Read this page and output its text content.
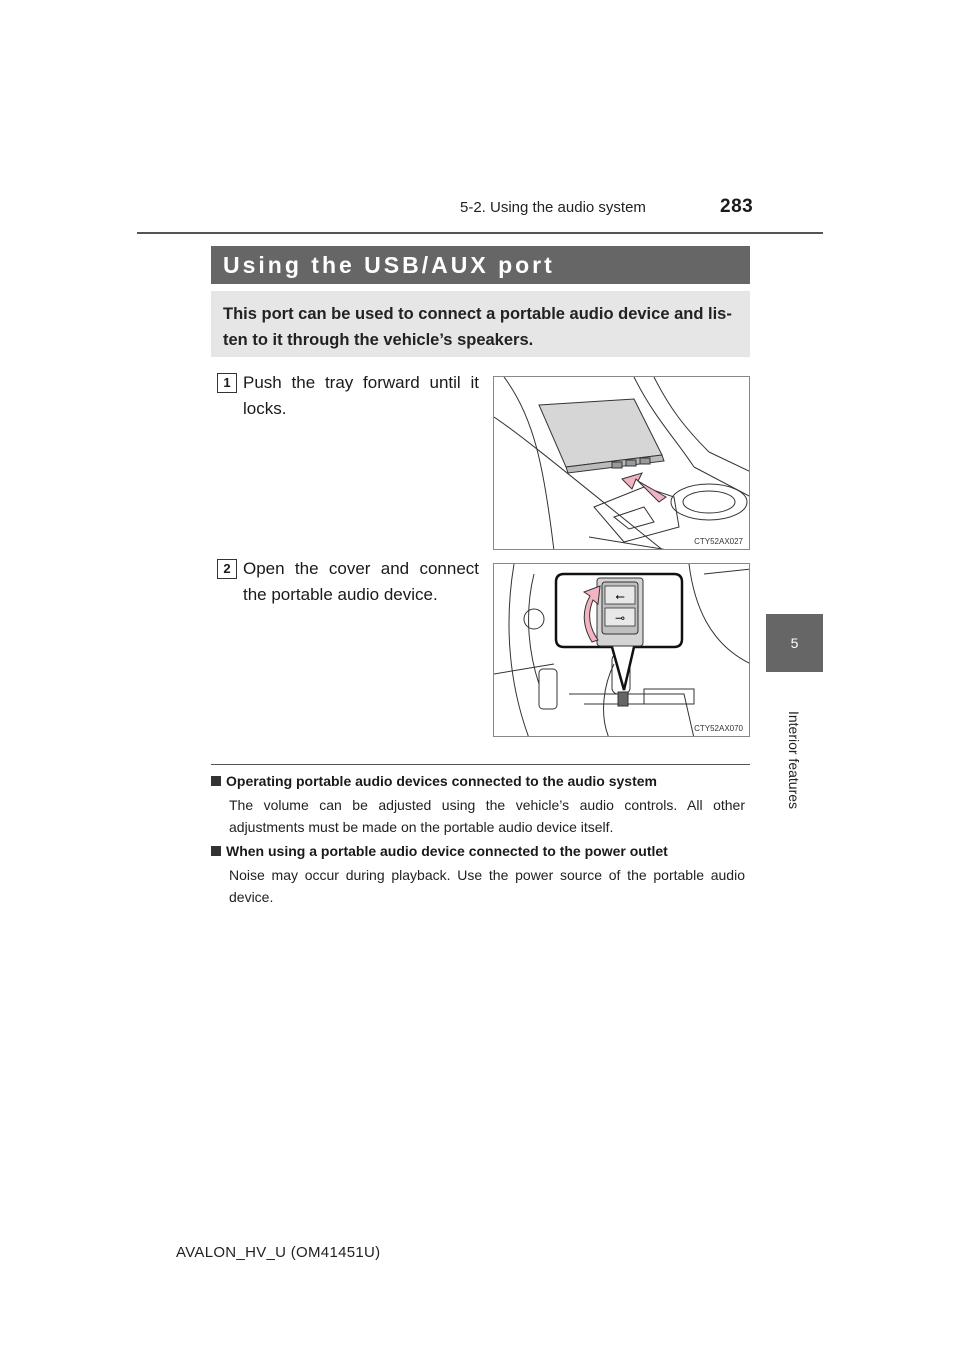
5-2. Using the audio system	283
5
Interior features
Using the USB/AUX port
This port can be used to connect a portable audio device and lis-ten to it through the vehicle’s speakers.
1 Push the tray forward until it locks.
CTY52AX027
2 Open the cover and connect the portable audio device.	⭠
⊸
CTY52AX070
Operating portable audio devices connected to the audio system
The volume can be adjusted using the vehicle’s audio controls. All other adjustments must be made on the portable audio device itself.
When using a portable audio device connected to the power outlet
Noise may occur during playback. Use the power source of the portable audio device.
AVALON_HV_U (OM41451U)
